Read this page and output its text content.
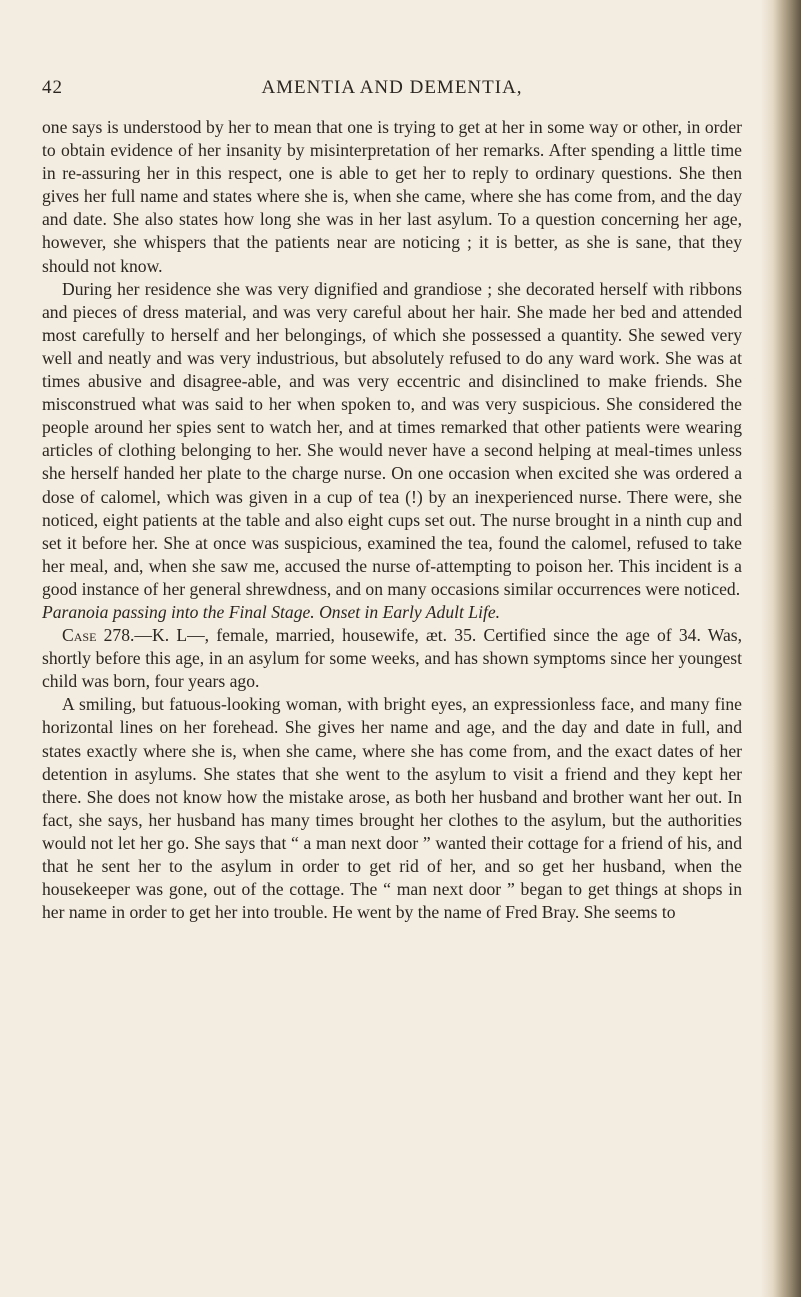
42	AMENTIA AND DEMENTIA,

one says is understood by her to mean that one is trying to get at her in some way or other, in order to obtain evidence of her insanity by misinterpretation of her remarks. After spending a little time in re-assuring her in this respect, one is able to get her to reply to ordinary questions. She then gives her full name and states where she is, when she came, where she has come from, and the day and date. She also states how long she was in her last asylum. To a question concerning her age, however, she whispers that the patients near are noticing ; it is better, as she is sane, that they should not know.

During her residence she was very dignified and grandiose ; she decorated herself with ribbons and pieces of dress material, and was very careful about her hair. She made her bed and attended most carefully to herself and her belongings, of which she possessed a quantity. She sewed very well and neatly and was very industrious, but absolutely refused to do any ward work. She was at times abusive and disagree-able, and was very eccentric and disinclined to make friends. She misconstrued what was said to her when spoken to, and was very suspicious. She considered the people around her spies sent to watch her, and at times remarked that other patients were wearing articles of clothing belonging to her. She would never have a second helping at meal-times unless she herself handed her plate to the charge nurse. On one occasion when excited she was ordered a dose of calomel, which was given in a cup of tea (!) by an inexperienced nurse. There were, she noticed, eight patients at the table and also eight cups set out. The nurse brought in a ninth cup and set it before her. She at once was suspicious, examined the tea, found the calomel, refused to take her meal, and, when she saw me, accused the nurse of-attempting to poison her. This incident is a good instance of her general shrewdness, and on many occasions similar occurrences were noticed.

Paranoia passing into the Final Stage. Onset in Early Adult Life.

Case 278.—K. L—, female, married, housewife, æt. 35. Certified since the age of 34. Was, shortly before this age, in an asylum for some weeks, and has shown symptoms since her youngest child was born, four years ago.

A smiling, but fatuous-looking woman, with bright eyes, an expressionless face, and many fine horizontal lines on her forehead. She gives her name and age, and the day and date in full, and states exactly where she is, when she came, where she has come from, and the exact dates of her detention in asylums. She states that she went to the asylum to visit a friend and they kept her there. She does not know how the mistake arose, as both her husband and brother want her out. In fact, she says, her husband has many times brought her clothes to the asylum, but the authorities would not let her go. She says that “ a man next door ” wanted their cottage for a friend of his, and that he sent her to the asylum in order to get rid of her, and so get her husband, when the housekeeper was gone, out of the cottage. The “ man next door ” began to get things at shops in her name in order to get her into trouble. He went by the name of Fred Bray. She seems to
